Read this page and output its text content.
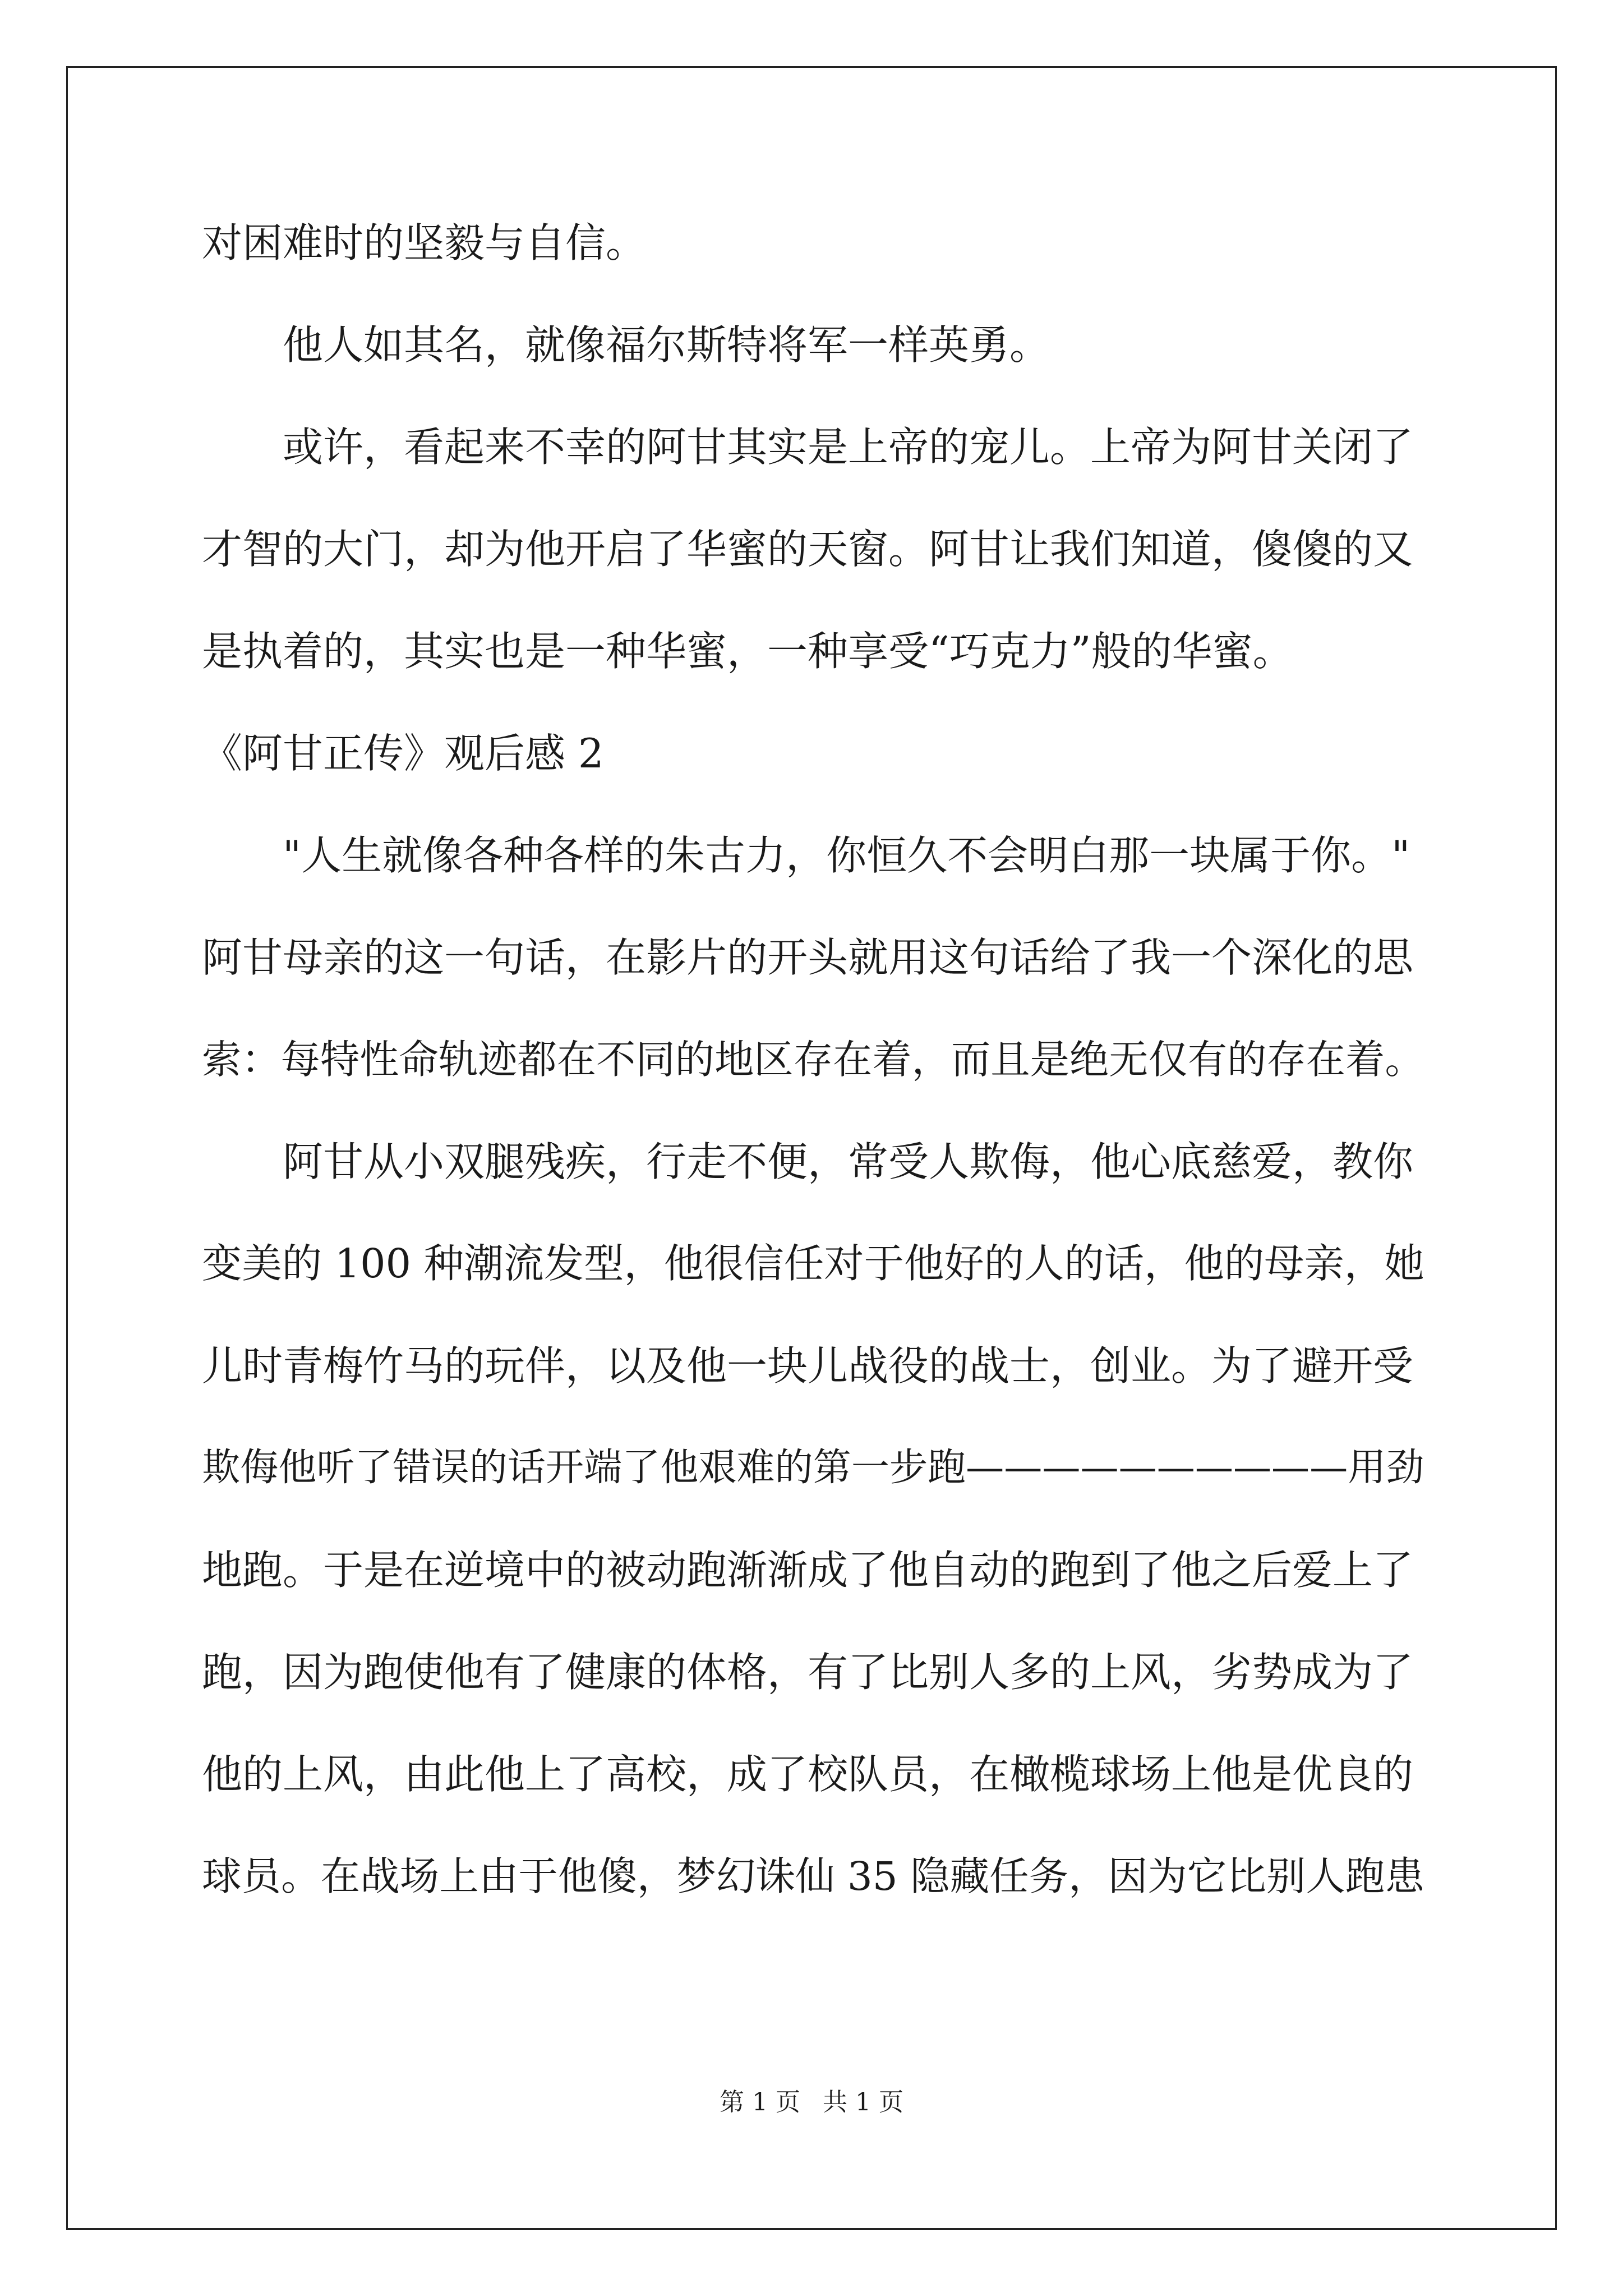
对困难时的坚毅与自信。
他人如其名，就像福尔斯特将军一样英勇。
或许，看起来不幸的阿甘其实是上帝的宠儿。上帝为阿甘关闭了
才智的大门，却为他开启了华蜜的天窗。阿甘让我们知道，傻傻的又
是执着的，其实也是一种华蜜，一种享受“巧克力”般的华蜜。
《阿甘正传》观后感 2
"人生就像各种各样的朱古力，你恒久不会明白那一块属于你。"
阿甘母亲的这一句话，在影片的开头就用这句话给了我一个深化的思
索：每特性命轨迹都在不同的地区存在着，而且是绝无仅有的存在着。
阿甘从小双腿残疾，行走不便，常受人欺侮，他心底慈爱，教你
变美的 100 种潮流发型，他很信任对于他好的人的话，他的母亲，她
儿时青梅竹马的玩伴，以及他一块儿战役的战士，创业。为了避开受
欺侮他听了错误的话开端了他艰难的第一步跑——————————用劲
地跑。于是在逆境中的被动跑渐渐成了他自动的跑到了他之后爱上了
跑，因为跑使他有了健康的体格，有了比别人多的上风，劣势成为了
他的上风，由此他上了高校，成了校队员，在橄榄球场上他是优良的
球员。在战场上由于他傻，梦幻诛仙 35 隐藏任务，因为它比别人跑患
第 1 页 共 1 页
